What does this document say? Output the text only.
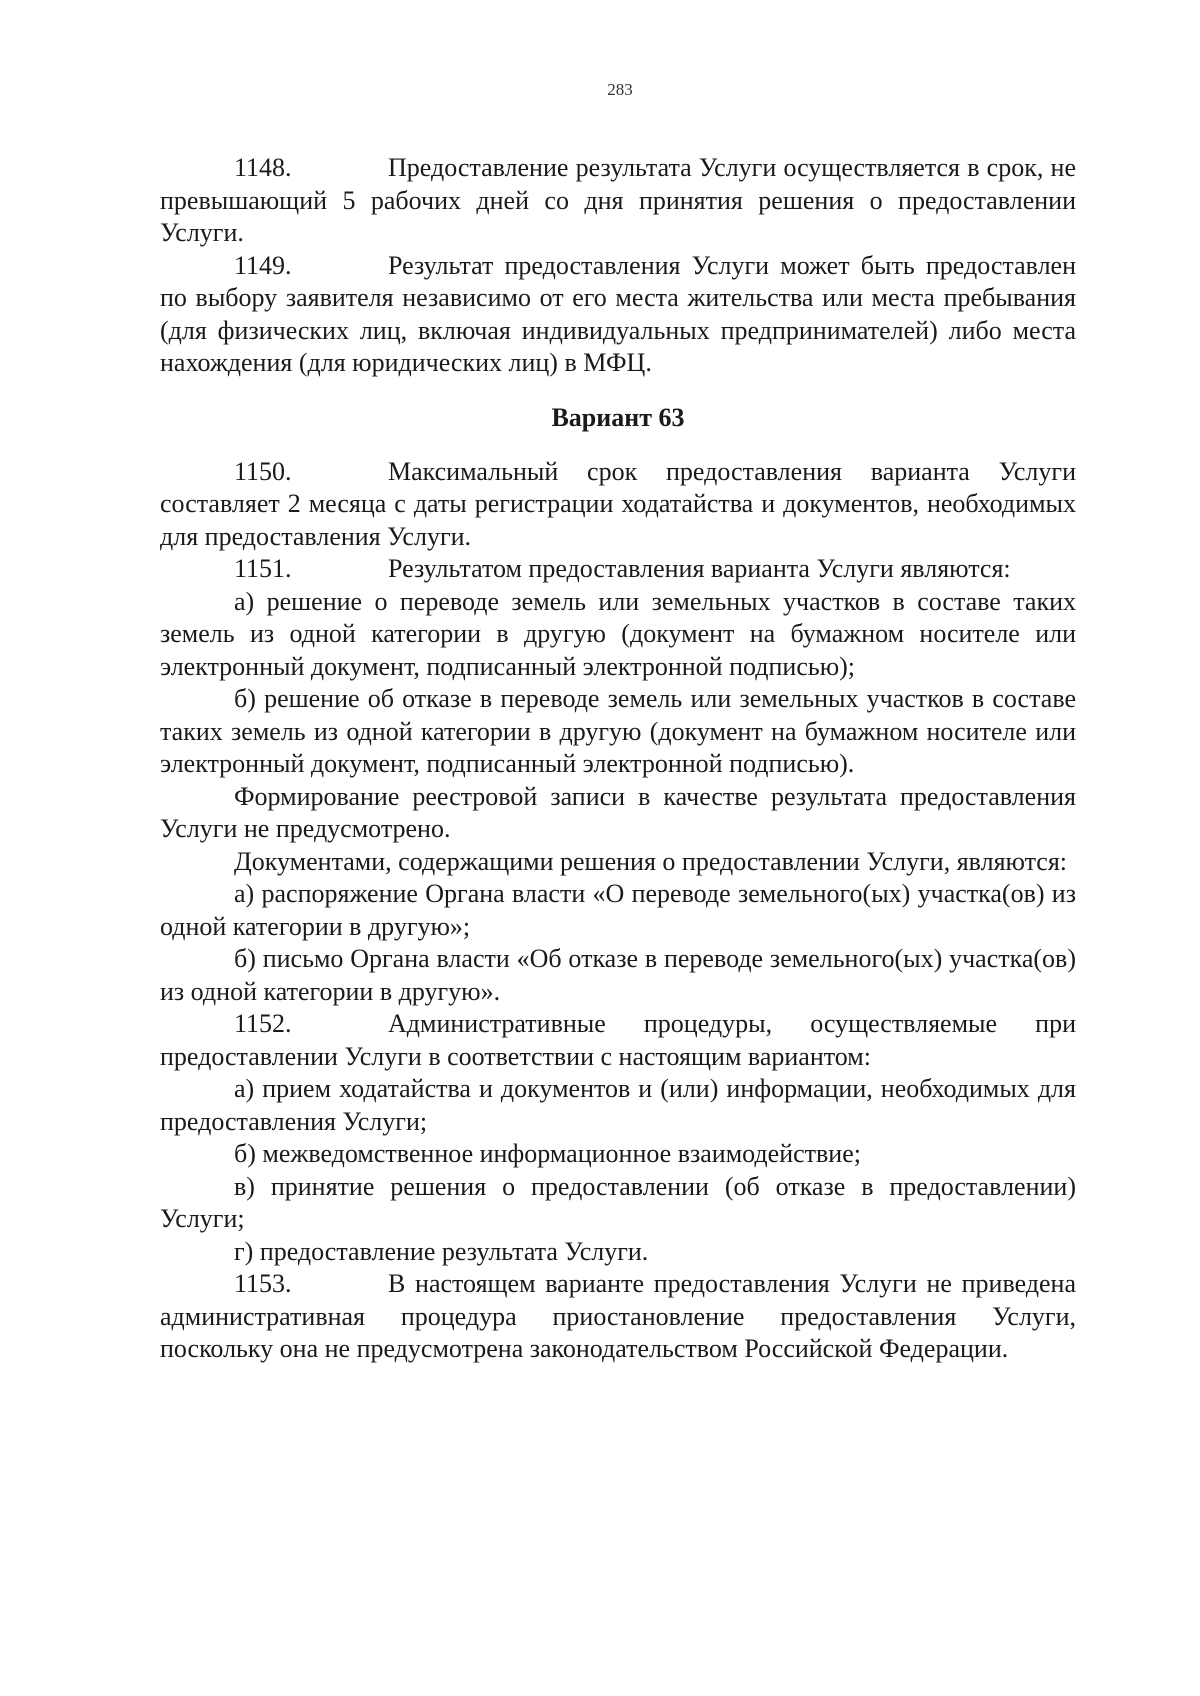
283

1148.	Предоставление результата Услуги осуществляется в срок, не превышающий 5 рабочих дней со дня принятия решения о предоставлении Услуги.

1149.	Результат предоставления Услуги может быть предоставлен по выбору заявителя независимо от его места жительства или места пребывания (для физических лиц, включая индивидуальных предпринимателей) либо места нахождения (для юридических лиц) в МФЦ.

Вариант 63

1150.	Максимальный срок предоставления варианта Услуги составляет 2 месяца с даты регистрации ходатайства и документов, необходимых для предоставления Услуги.

1151.	Результатом предоставления варианта Услуги являются:

а) решение о переводе земель или земельных участков в составе таких земель из одной категории в другую (документ на бумажном носителе или электронный документ, подписанный электронной подписью);

б) решение об отказе в переводе земель или земельных участков в составе таких земель из одной категории в другую (документ на бумажном носителе или электронный документ, подписанный электронной подписью).

Формирование реестровой записи в качестве результата предоставления Услуги не предусмотрено.

Документами, содержащими решения о предоставлении Услуги, являются:

а) распоряжение Органа власти «О переводе земельного(ых) участка(ов) из одной категории в другую»;

б) письмо Органа власти «Об отказе в переводе земельного(ых) участка(ов) из одной категории в другую».

1152.	Административные процедуры, осуществляемые при предоставлении Услуги в соответствии с настоящим вариантом:

а) прием ходатайства и документов и (или) информации, необходимых для предоставления Услуги;

б) межведомственное информационное взаимодействие;

в) принятие решения о предоставлении (об отказе в предоставлении) Услуги;

г) предоставление результата Услуги.

1153.	В настоящем варианте предоставления Услуги не приведена административная процедура приостановление предоставления Услуги, поскольку она не предусмотрена законодательством Российской Федерации.
